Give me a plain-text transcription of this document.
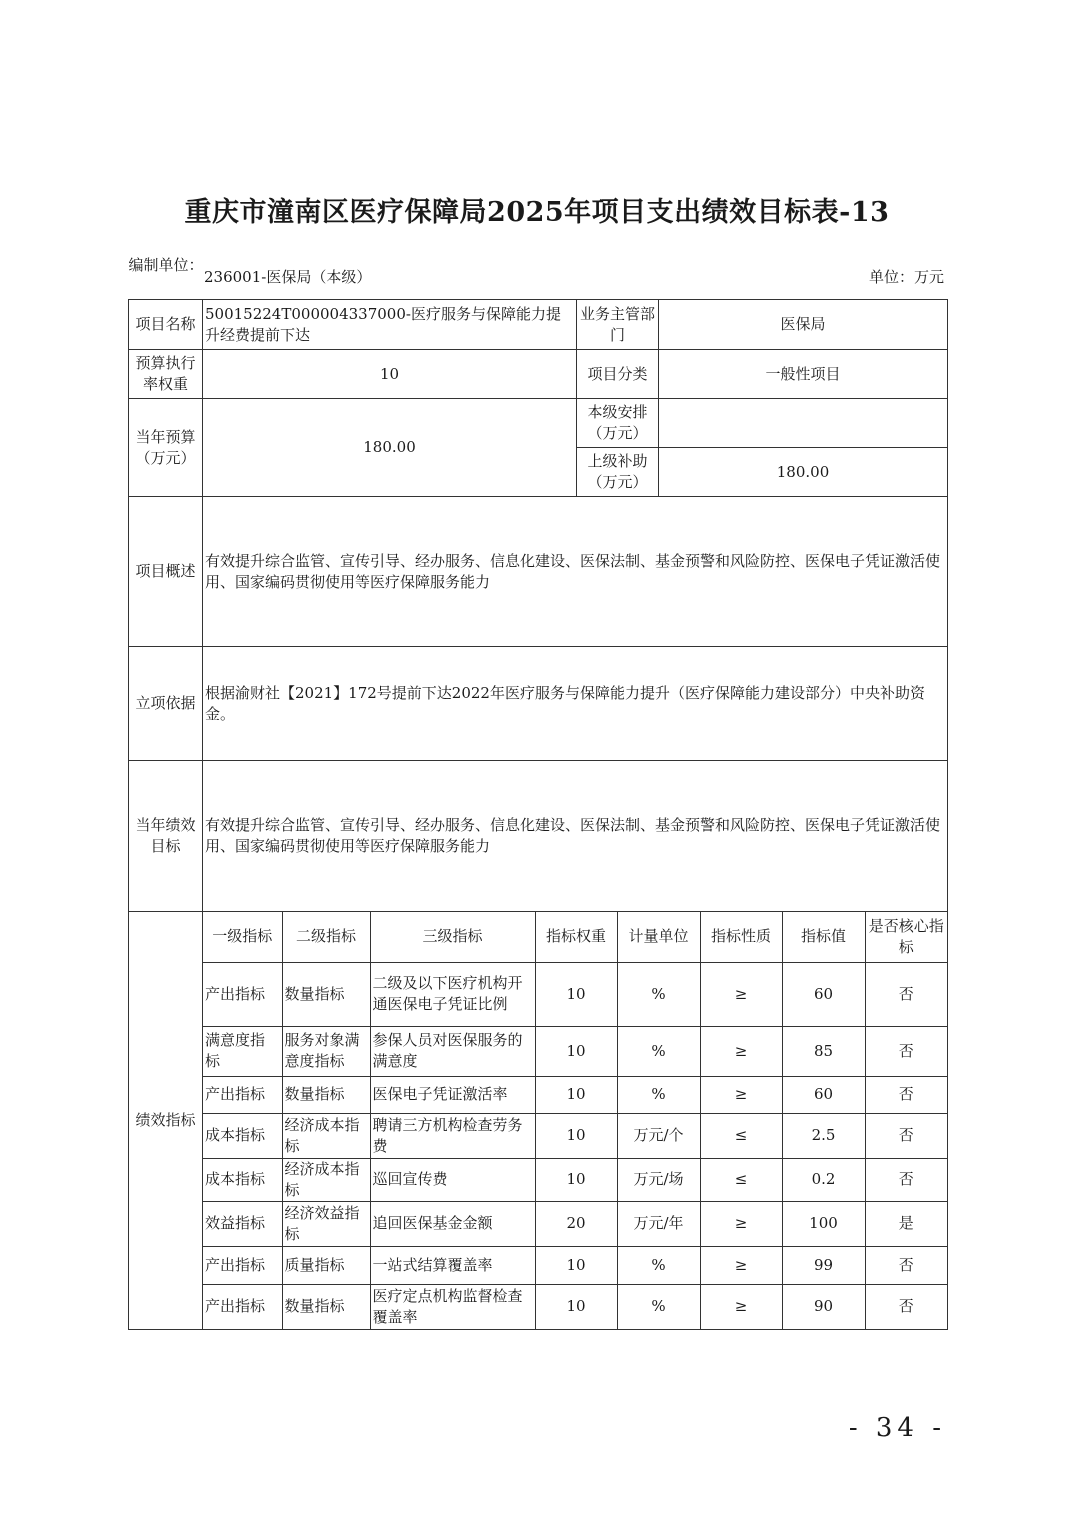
重庆市潼南区医疗保障局2025年项目支出绩效目标表-13
编制单位：
236001-医保局（本级）	单位：万元
项目名称	50015224T000004337000-医疗服务与保障能力提升经费提前下达	业务主管部门	医保局
预算执行率权重	10	项目分类	一般性项目
当年预算（万元）	180.00	本级安排（万元）	
上级补助（万元）	180.00
项目概述	有效提升综合监管、宣传引导、经办服务、信息化建设、医保法制、基金预警和风险防控、医保电子凭证激活使用、国家编码贯彻使用等医疗保障服务能力
立项依据	根据渝财社【2021】172号提前下达2022年医疗服务与保障能力提升（医疗保障能力建设部分）中央补助资金。
当年绩效目标	有效提升综合监管、宣传引导、经办服务、信息化建设、医保法制、基金预警和风险防控、医保电子凭证激活使用、国家编码贯彻使用等医疗保障服务能力
绩效指标	
一级指标	二级指标	三级指标	指标权重	计量单位	指标性质	指标值	是否核心指标
产出指标	数量指标	二级及以下医疗机构开通医保电子凭证比例	10	%	≥	60	否
满意度指标	服务对象满意度指标	参保人员对医保服务的满意度	10	%	≥	85	否
产出指标	数量指标	医保电子凭证激活率	10	%	≥	60	否
成本指标	经济成本指标	聘请三方机构检查劳务费	10	万元/个	≤	2.5	否
成本指标	经济成本指标	巡回宣传费	10	万元/场	≤	0.2	否
效益指标	经济效益指标	追回医保基金金额	20	万元/年	≥	100	是
产出指标	质量指标	一站式结算覆盖率	10	%	≥	99	否
产出指标	数量指标	医疗定点机构监督检查覆盖率	10	%	≥	90	否
- 34 -
